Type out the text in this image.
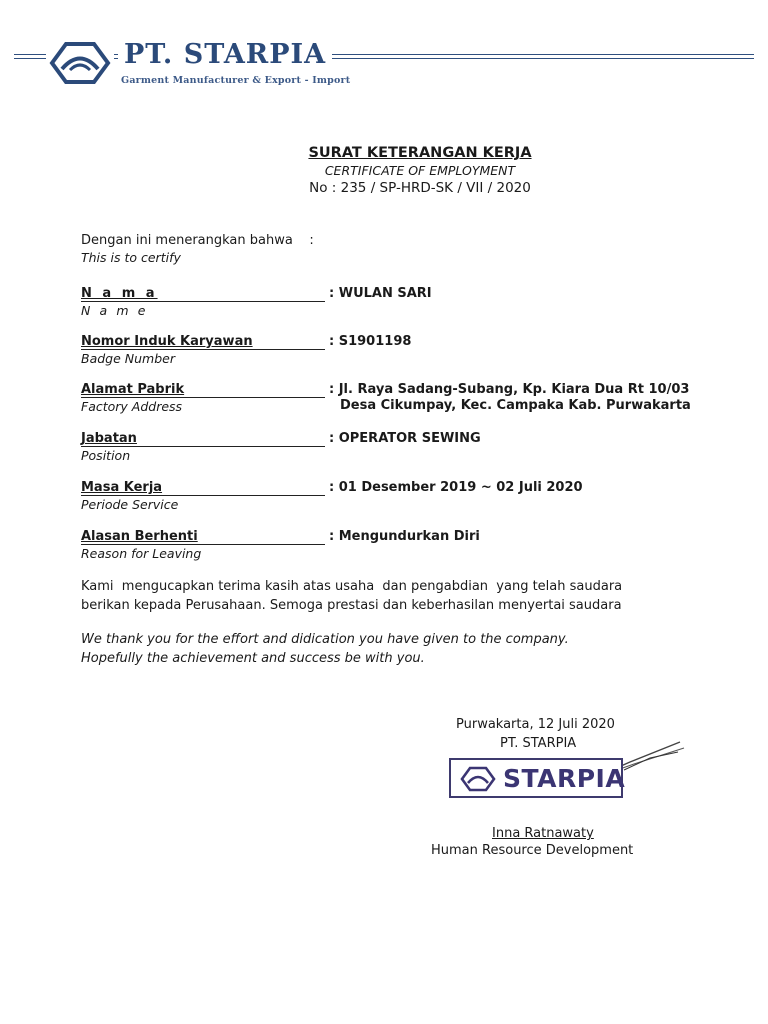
PT. STARPIA
Garment Manufacturer & Export - Import
SURAT KETERANGAN KERJA
CERTIFICATE OF EMPLOYMENT
No : 235 / SP-HRD-SK / VII / 2020
Dengan ini menerangkan bahwa    :
This is to certify
N a m a
N a m e
: WULAN SARI
Nomor Induk Karyawan
Badge Number
: S1901198
Alamat Pabrik
Factory Address
: Jl. Raya Sadang-Subang, Kp. Kiara Dua Rt 10/03
Desa Cikumpay, Kec. Campaka Kab. Purwakarta
Jabatan
Position
: OPERATOR SEWING
Masa Kerja
Periode Service
: 01 Desember 2019 ~ 02 Juli 2020
Alasan Berhenti
Reason for Leaving
: Mengundurkan Diri
Kami  mengucapkan terima kasih atas usaha  dan pengabdian  yang telah saudara
berikan kepada Perusahaan. Semoga prestasi dan keberhasilan menyertai saudara
We thank you for the effort and didication you have given to the company.
Hopefully the achievement and success be with you.
Purwakarta, 12 Juli 2020
PT. STARPIA
STARPIA
Inna Ratnawaty
Human Resource Development
